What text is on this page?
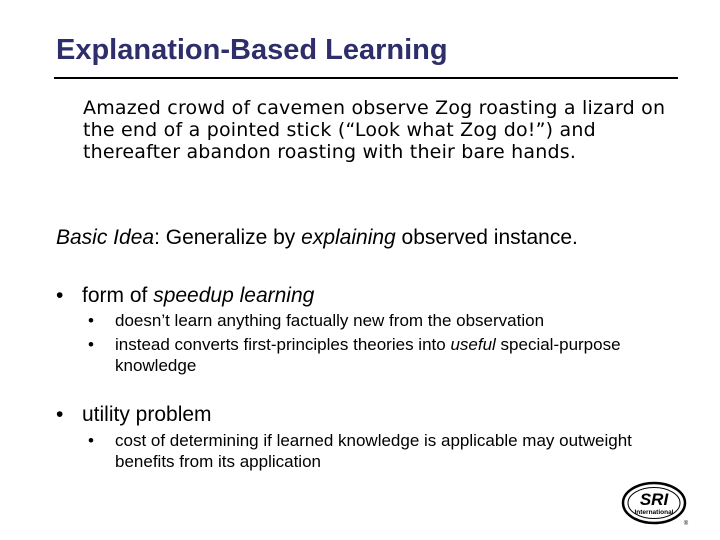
Explanation-Based Learning
Amazed crowd of cavemen observe Zog roasting a lizard on the end of a pointed stick (“Look what Zog do!”) and thereafter abandon roasting with their bare hands.
Basic Idea: Generalize by explaining observed instance.
• form of speedup learning
•	doesn’t learn anything factually new from the observation
•	instead converts first-principles theories into useful special-purpose knowledge
• utility problem
•	cost of determining if learned knowledge is applicable may outweight benefits from its application
SRI
International
®
